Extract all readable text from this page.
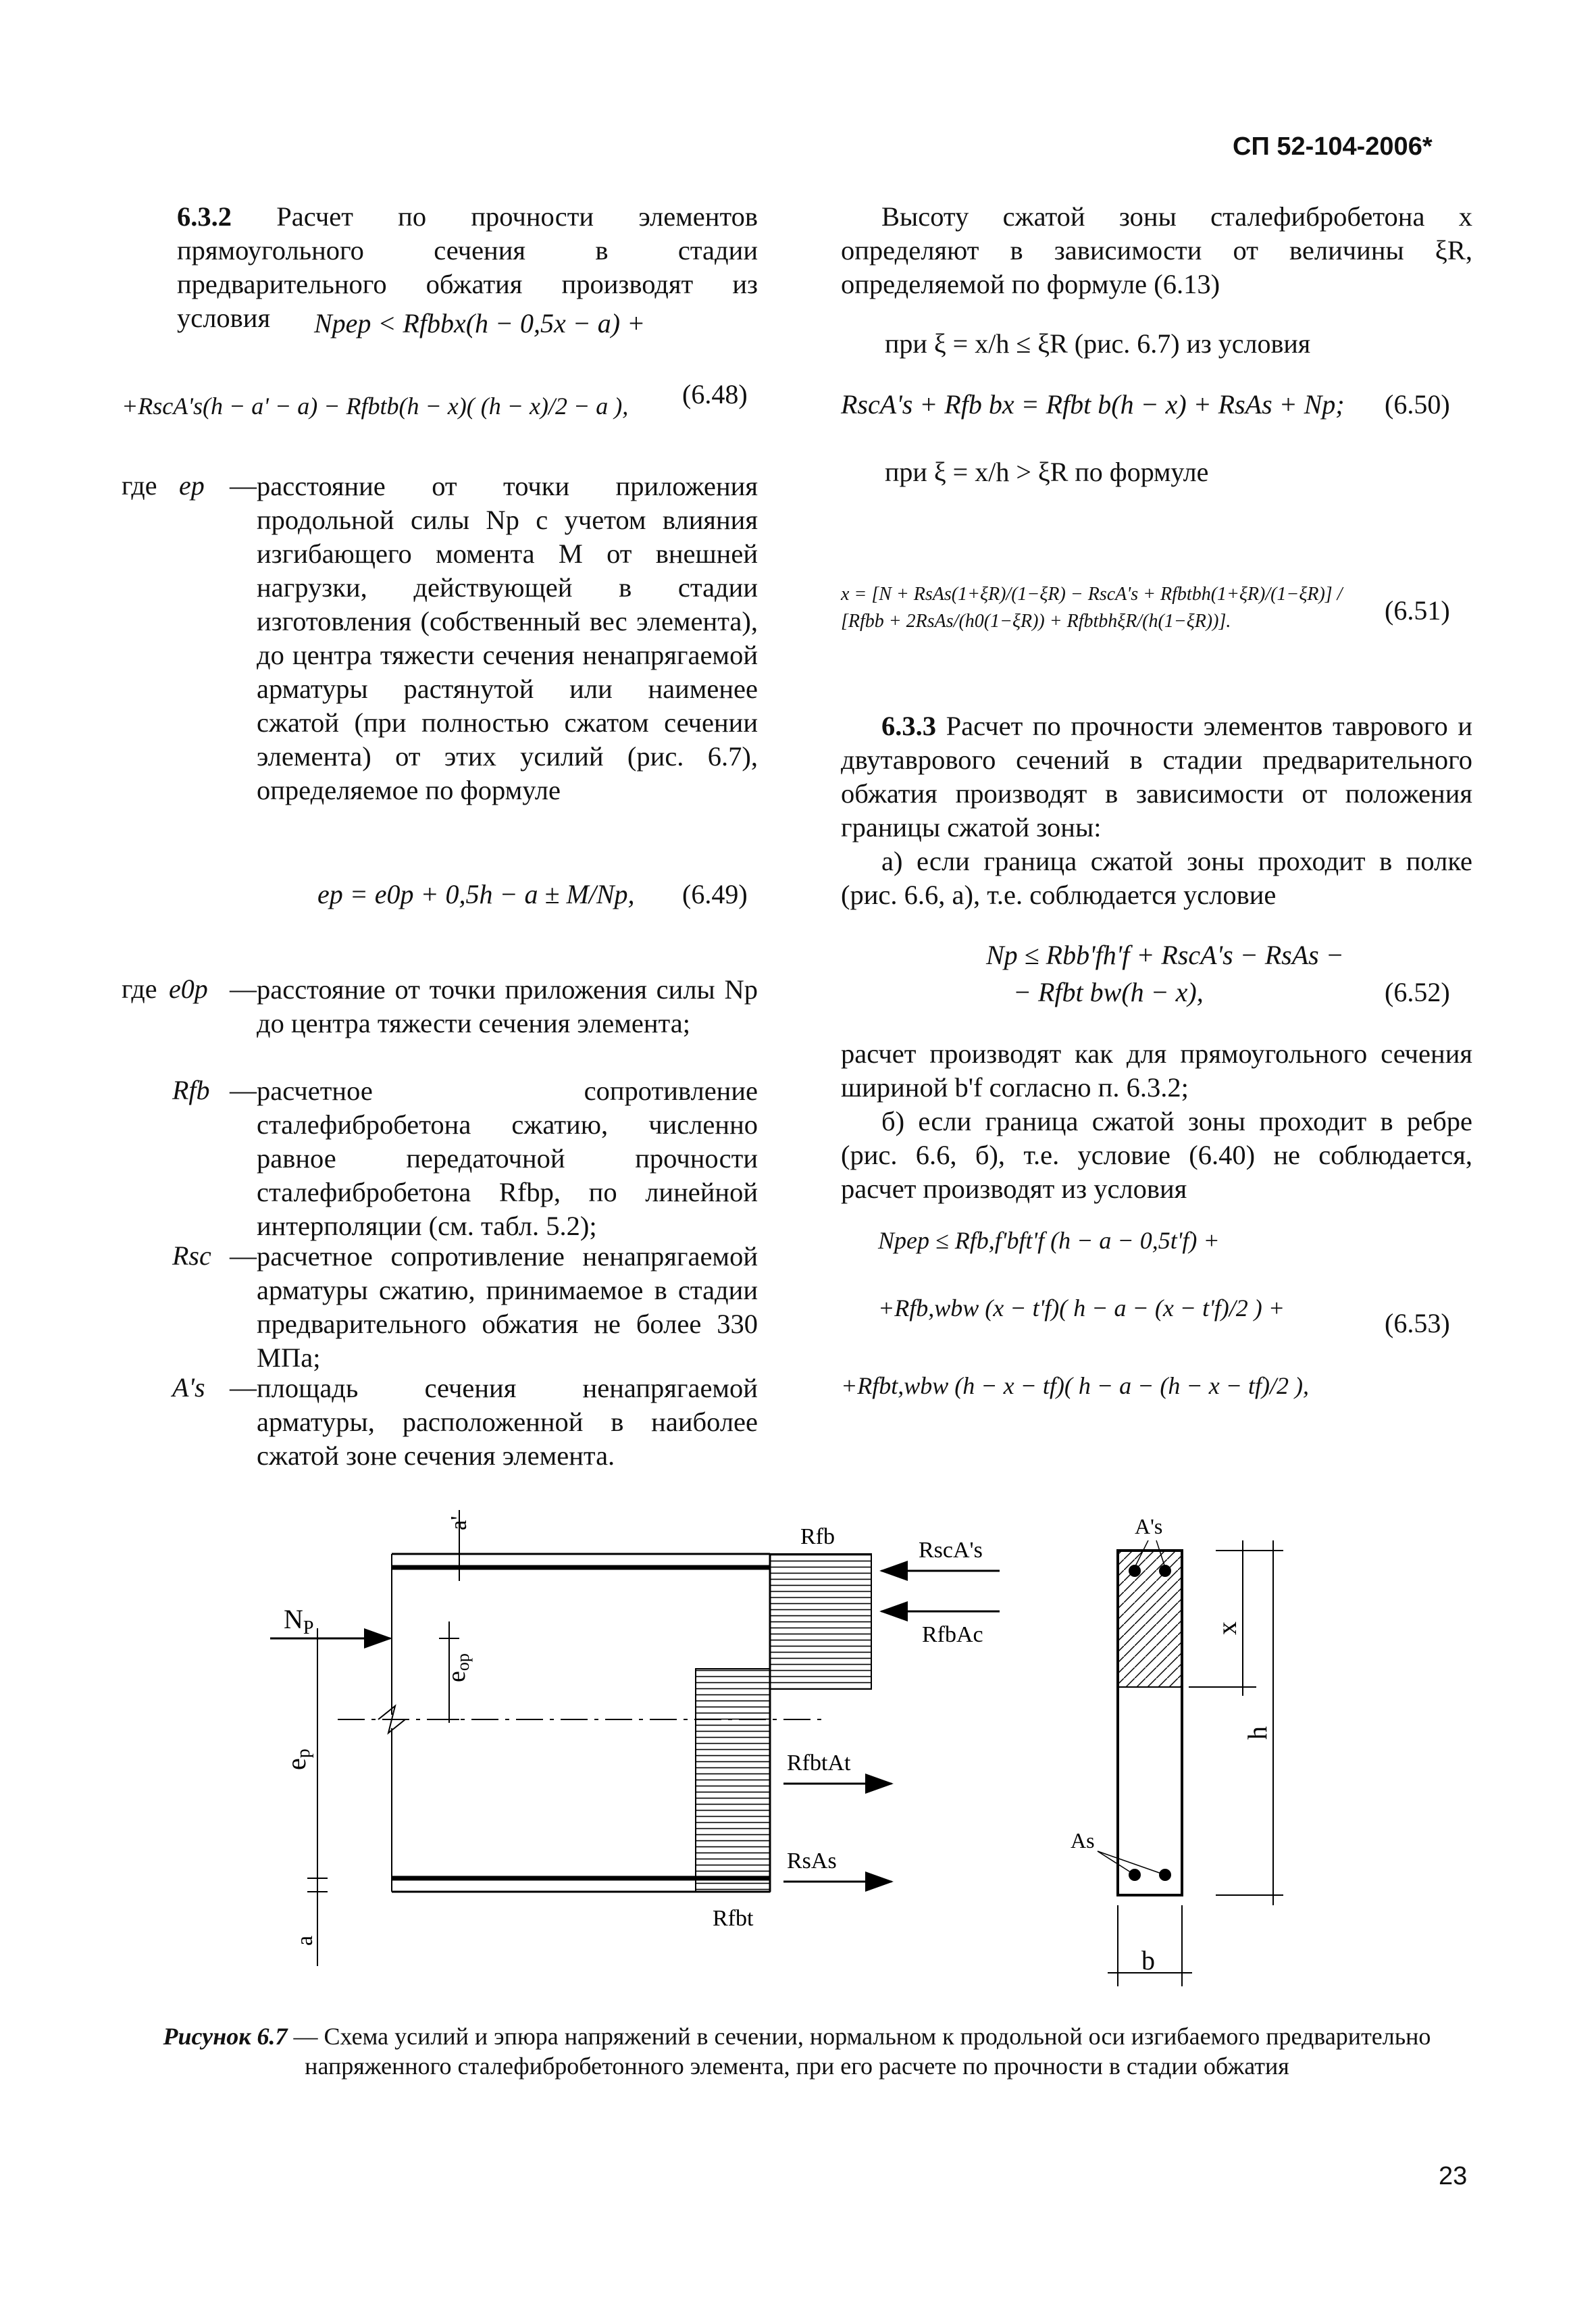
СП 52-104-2006*

6.3.2 Расчет по прочности элементов прямоугольного сечения в стадии предварительного обжатия производят из условия	Npep < Rfbbx(h − 0,5x − a) +
+RscA's(h − a' − a) − Rfbtb(h − x)( (h − x)/2 − a ), (6.48)
где ep — расстояние от точки приложения продольной силы Np с учетом влияния изгибающего момента M от внешней нагрузки, действующей в стадии изготовления (собственный вес элемента), до центра тяжести сечения ненапрягаемой арматуры растянутой или наименее сжатой (при полностью сжатом сечении элемента) от этих усилий (рис. 6.7), определяемое по формуле
ep = e0p + 0,5h − a ± M/Np, (6.49)
где e0p — расстояние от точки приложения силы Np до центра тяжести сечения элемента;
Rfb — расчетное сопротивление сталефибробетона сжатию, численно равное передаточной прочности сталефибробетона Rfbp, по линейной интерполяции (см. табл. 5.2);
Rsc — расчетное сопротивление ненапрягаемой арматуры сжатию, принимаемое в стадии предварительного обжатия не более 330 МПа;
A's — площадь сечения ненапрягаемой арматуры, расположенной в наиболее сжатой зоне сечения элемента.

Высоту сжатой зоны сталефибробетона x определяют в зависимости от величины ξR, определяемой по формуле (6.13)

при ξ = x/h ≤ ξR (рис. 6.7) из условия
RscA's + Rfb bx = Rfbt b(h − x) + RsAs + Np; (6.50)
при ξ = x/h > ξR по формуле
x = [N + RsAs(1+ξR)/(1−ξR) − RscA's + Rfbtbh(1+ξR)/(1−ξR)] / [Rfbb + 2RsAs/(h0(1−ξR)) + RfbtbhξR/(h(1−ξR))].	(6.51)

6.3.3 Расчет по прочности элементов таврового и двутаврового сечений в стадии предварительного обжатия производят в зависимости от положения границы сжатой зоны:

а) если граница сжатой зоны проходит в полке (рис. 6.6, а), т.е. соблюдается условие

Np ≤ Rbb'fh'f + RscA's − RsAs −
− Rfbt bw(h − x),	(6.52)

расчет производят как для прямоугольного сечения шириной b'f согласно п. 6.3.2;

б) если граница сжатой зоны проходит в ребре (рис. 6.6, б), т.е. условие (6.40) не соблюдается, расчет производят из условия

Npep ≤ Rfb,f'bft'f (h − a − 0,5t'f) +
+Rfb,wbw (x − t'f)( h − a − (x − t'f)/2 ) +
+Rfbt,wbw (h − x − tf)( h − a − (h − x − tf)/2 ),
(6.53)
$N_P$
a'
eop
ep
a
Rfb
RscA's
RfbAc
RfbtAt
RsAs
Rfbt
A's
x
h
As
b
Рисунок 6.7 — Схема усилий и эпюра напряжений в сечении, нормальном к продольной оси изгибаемого предварительно напряженного сталефибробетонного элемента, при его расчете по прочности в стадии обжатия
23
